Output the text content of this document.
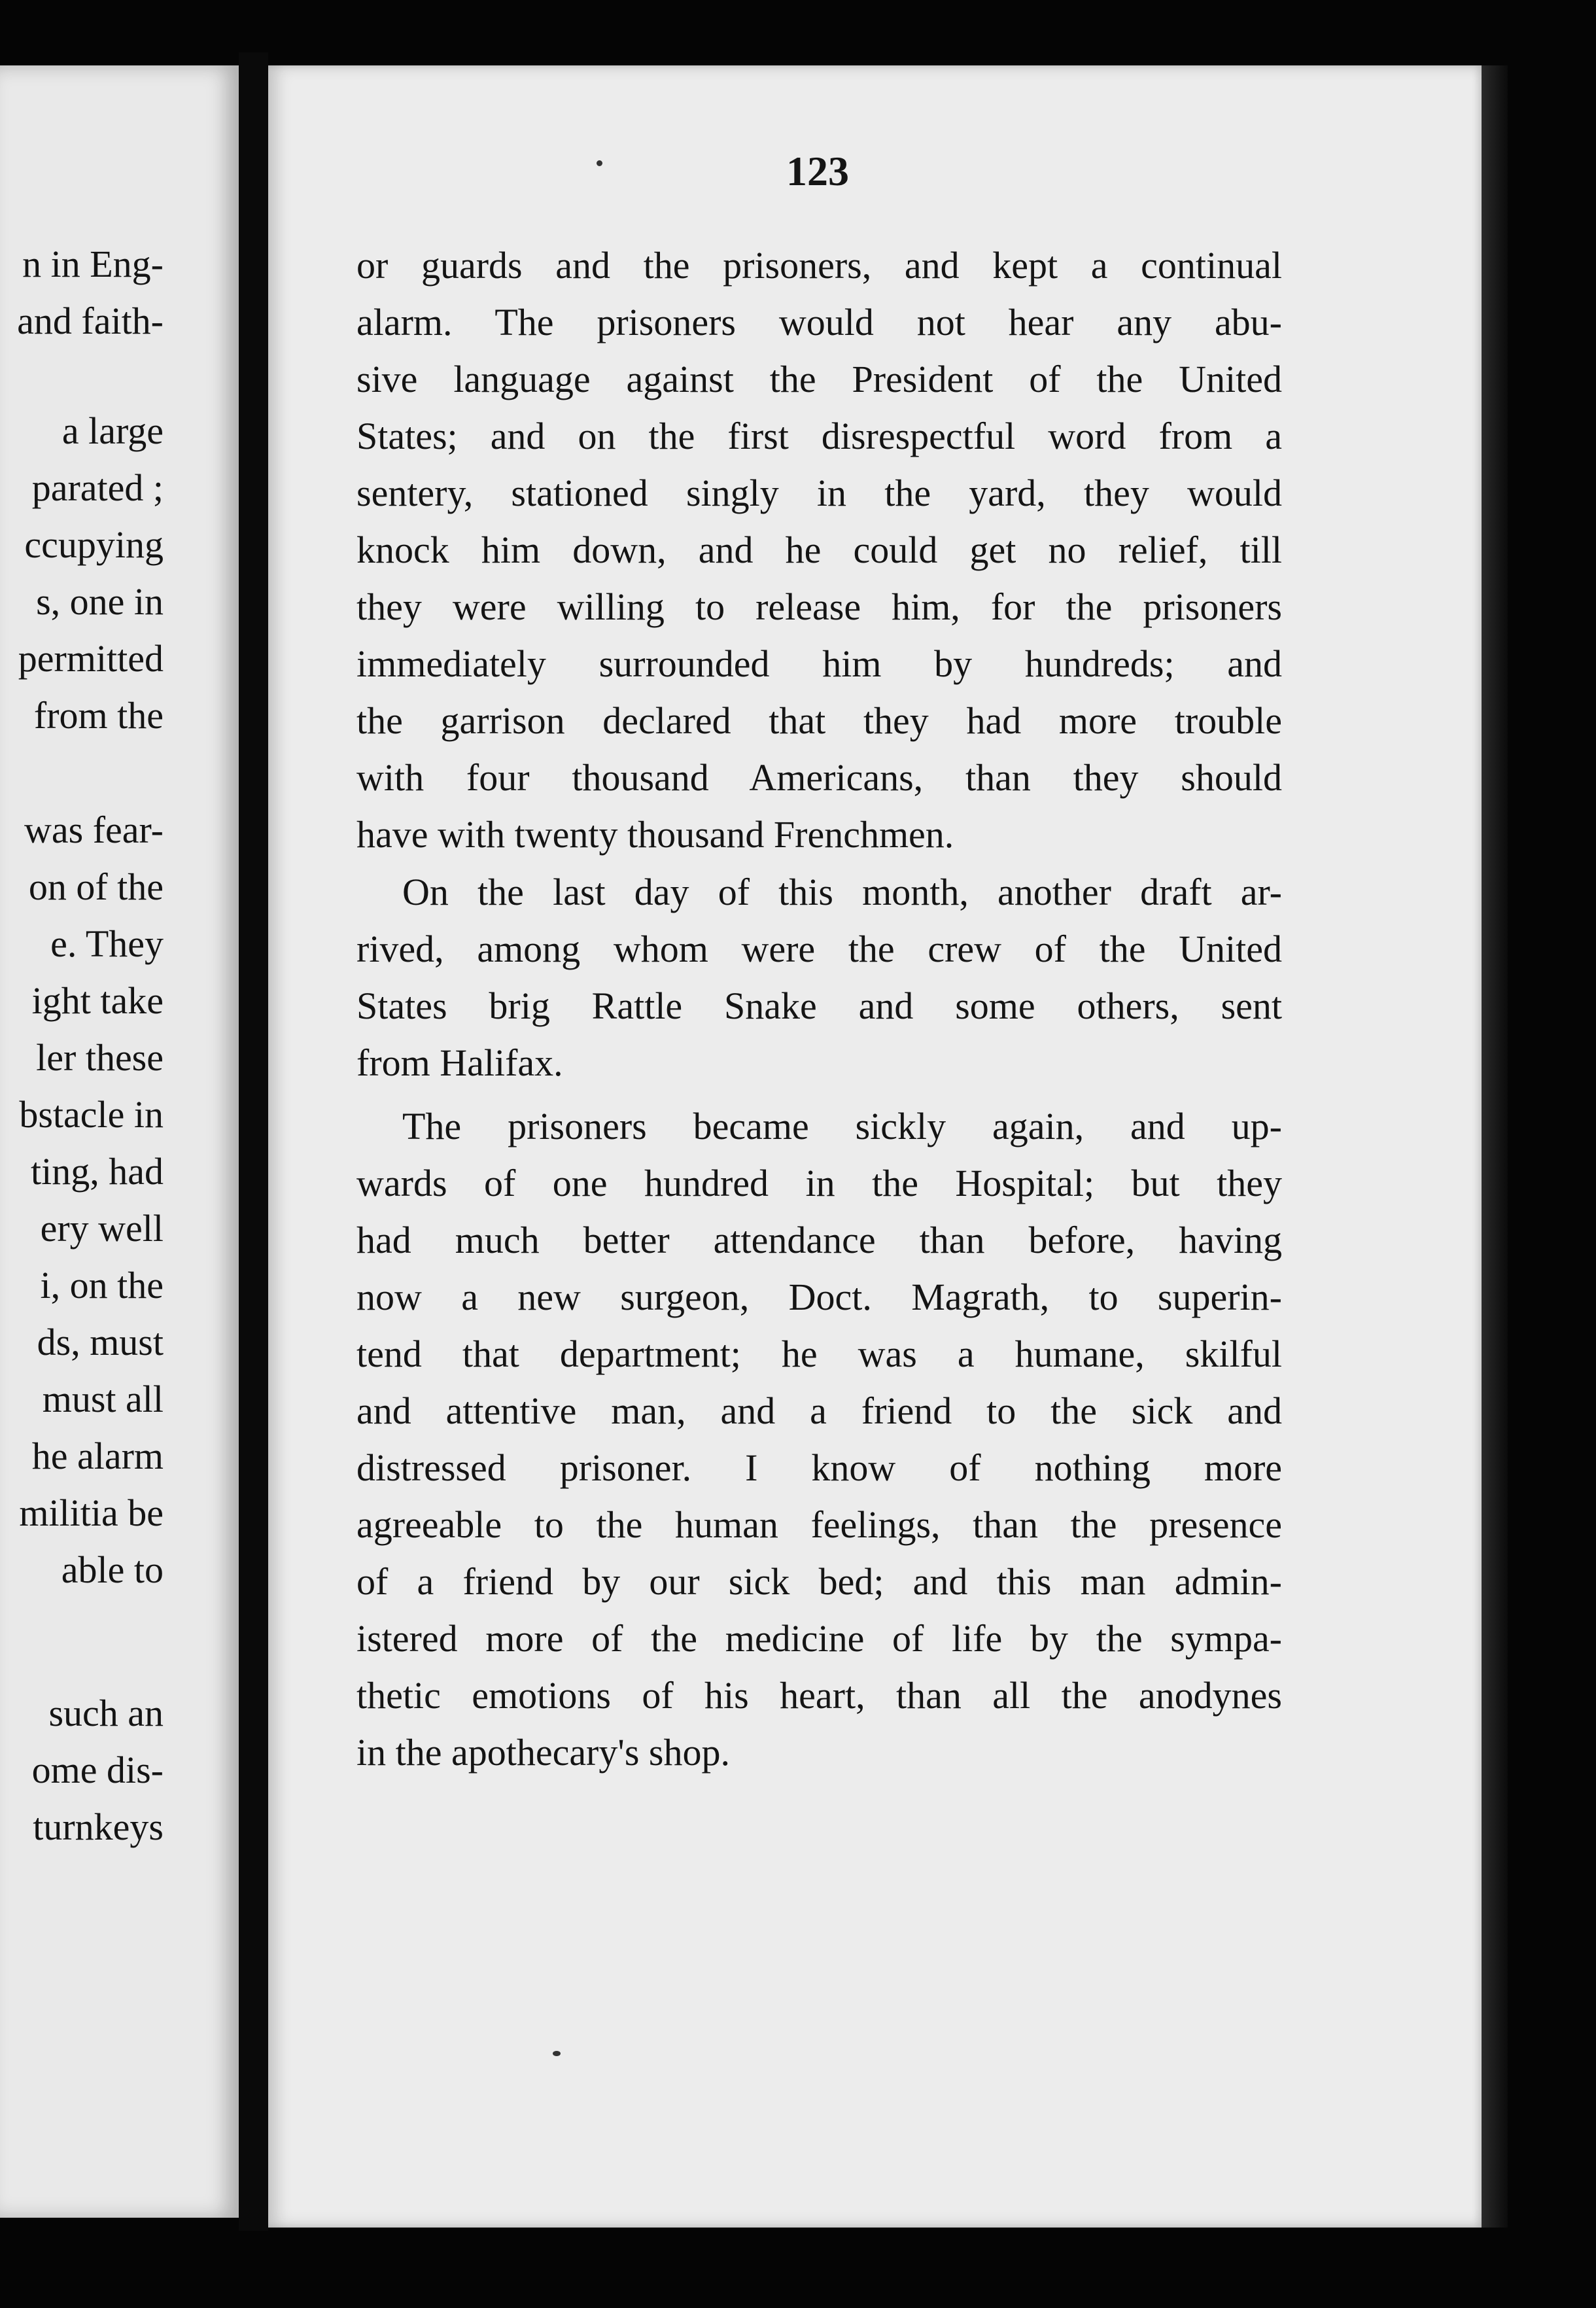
n in Eng-
and faith-
a large
parated ;
ccupying
s, one in
permitted
from the
was fear-
on of the
e. They
ight take
ler these
bstacle in
ting, had
ery well
i, on the
ds, must
must all
he alarm
militia be
able to
such an
ome dis-
turnkeys
123
or guards and the prisoners, and kept a continual
alarm. The prisoners would not hear any abu-
sive language against the President of the United
States; and on the first disrespectful word from a
sentery, stationed singly in the yard, they would
knock him down, and he could get no relief, till
they were willing to release him, for the prisoners
immediately surrounded him by hundreds; and
the garrison declared that they had more trouble
with four thousand Americans, than they should
have with twenty thousand Frenchmen.
On the last day of this month, another draft ar-
rived, among whom were the crew of the United
States brig Rattle Snake and some others, sent
from Halifax.
The prisoners became sickly again, and up-
wards of one hundred in the Hospital; but they
had much better attendance than before, having
now a new surgeon, Doct. Magrath, to superin-
tend that department; he was a humane, skilful
and attentive man, and a friend to the sick and
distressed prisoner. I know of nothing more
agreeable to the human feelings, than the presence
of a friend by our sick bed; and this man admin-
istered more of the medicine of life by the sympa-
thetic emotions of his heart, than all the anodynes
in the apothecary's shop.
